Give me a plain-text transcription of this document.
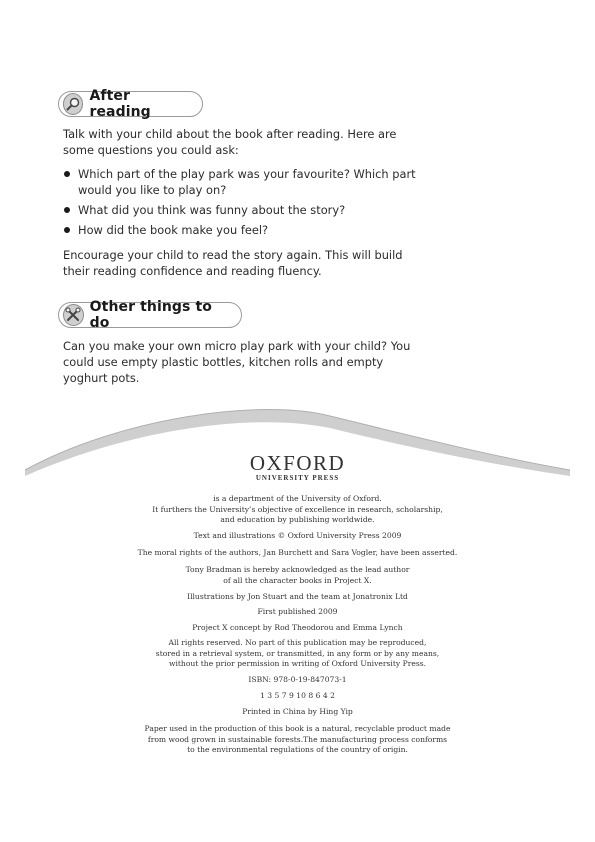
After reading

Talk with your child about the book after reading. Here are some questions you could ask:

Which part of the play park was your favourite? Which part would you like to play on?
What did you think was funny about the story?
How did the book make you feel?

Encourage your child to read the story again. This will build their reading confidence and reading fluency.

Other things to do

Can you make your own micro play park with your child? You could use empty plastic bottles, kitchen rolls and empty yoghurt pots.

OXFORD
UNIVERSITY PRESS

is a department of the University of Oxford.
It furthers the University’s objective of excellence in research, scholarship,
and education by publishing worldwide.

Text and illustrations © Oxford University Press 2009

The moral rights of the authors, Jan Burchett and Sara Vogler, have been asserted.

Tony Bradman is hereby acknowledged as the lead author
of all the character books in Project X.

Illustrations by Jon Stuart and the team at Jonatronix Ltd

First published 2009

Project X concept by Rod Theodorou and Emma Lynch

All rights reserved. No part of this publication may be reproduced,
stored in a retrieval system, or transmitted, in any form or by any means,
without the prior permission in writing of Oxford University Press.

ISBN: 978-0-19-847073-1

1 3 5 7 9 10 8 6 4 2

Printed in China by Hing Yip

Paper used in the production of this book is a natural, recyclable product made
from wood grown in sustainable forests.The manufacturing process conforms
to the environmental regulations of the country of origin.
